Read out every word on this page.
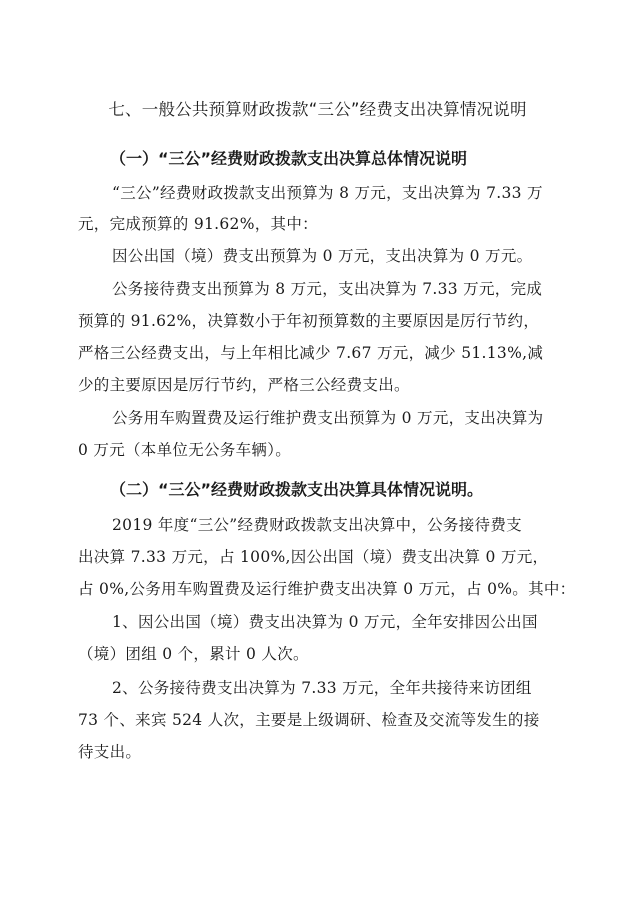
七、一般公共预算财政拨款“三公”经费支出决算情况说明
（一）“三公”经费财政拨款支出决算总体情况说明
“三公”经费财政拨款支出预算为 8 万元，支出决算为 7.33 万
元，完成预算的 91.62%，其中：
因公出国（境）费支出预算为 0 万元，支出决算为 0 万元。
公务接待费支出预算为 8 万元，支出决算为 7.33 万元，完成
预算的 91.62%，决算数小于年初预算数的主要原因是厉行节约，
严格三公经费支出，与上年相比减少 7.67 万元，减少 51.13%,减
少的主要原因是厉行节约，严格三公经费支出。
公务用车购置费及运行维护费支出预算为 0 万元，支出决算为
0 万元（本单位无公务车辆）。
（二）“三公”经费财政拨款支出决算具体情况说明。
2019 年度“三公”经费财政拨款支出决算中，公务接待费支
出决算 7.33 万元，占 100%,因公出国（境）费支出决算 0 万元，
占 0%,公务用车购置费及运行维护费支出决算 0 万元，占 0%。其中：
1、因公出国（境）费支出决算为 0 万元，全年安排因公出国
（境）团组 0 个，累计 0 人次。
2、公务接待费支出决算为 7.33 万元，全年共接待来访团组
73 个、来宾 524 人次，主要是上级调研、检查及交流等发生的接
待支出。
